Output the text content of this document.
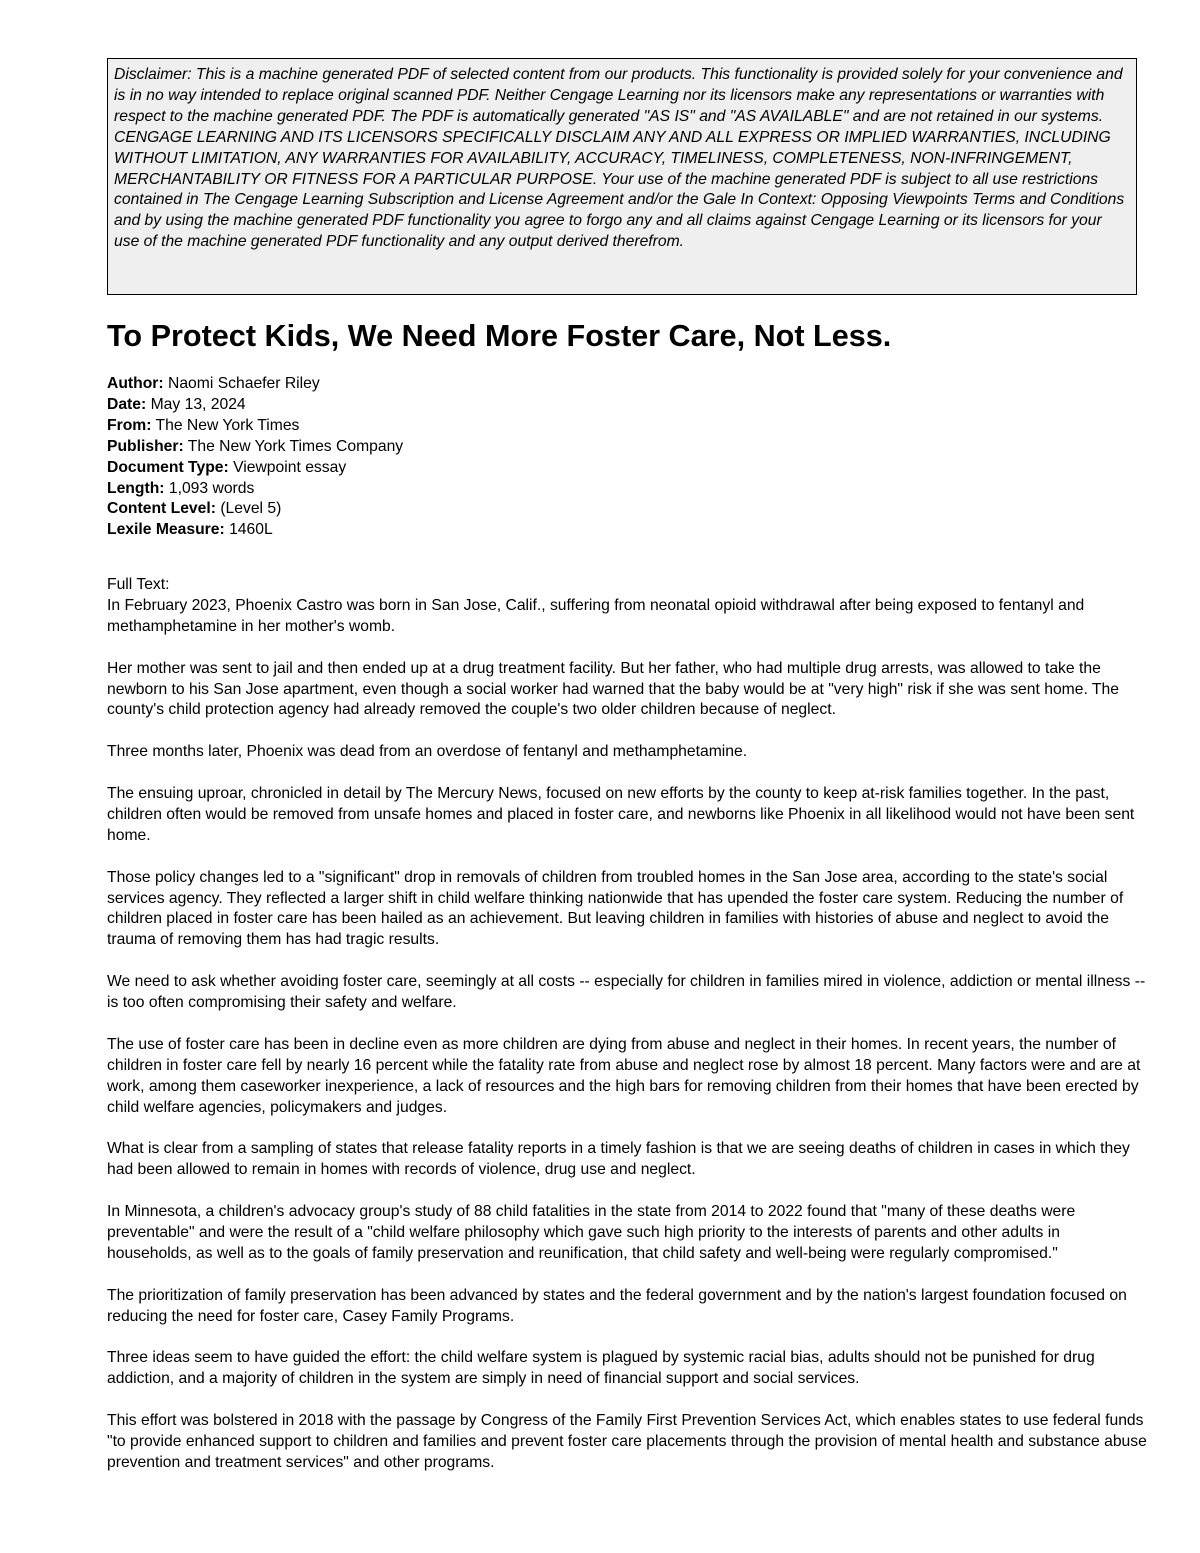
Disclaimer: This is a machine generated PDF of selected content from our products. This functionality is provided solely for your convenience and is in no way intended to replace original scanned PDF. Neither Cengage Learning nor its licensors make any representations or warranties with respect to the machine generated PDF. The PDF is automatically generated "AS IS" and "AS AVAILABLE" and are not retained in our systems. CENGAGE LEARNING AND ITS LICENSORS SPECIFICALLY DISCLAIM ANY AND ALL EXPRESS OR IMPLIED WARRANTIES, INCLUDING WITHOUT LIMITATION, ANY WARRANTIES FOR AVAILABILITY, ACCURACY, TIMELINESS, COMPLETENESS, NON-INFRINGEMENT, MERCHANTABILITY OR FITNESS FOR A PARTICULAR PURPOSE. Your use of the machine generated PDF is subject to all use restrictions contained in The Cengage Learning Subscription and License Agreement and/or the Gale In Context: Opposing Viewpoints Terms and Conditions and by using the machine generated PDF functionality you agree to forgo any and all claims against Cengage Learning or its licensors for your use of the machine generated PDF functionality and any output derived therefrom.
To Protect Kids, We Need More Foster Care, Not Less.
Author: Naomi Schaefer Riley
Date: May 13, 2024
From: The New York Times
Publisher: The New York Times Company
Document Type: Viewpoint essay
Length: 1,093 words
Content Level: (Level 5)
Lexile Measure: 1460L
Full Text:

In February 2023, Phoenix Castro was born in San Jose, Calif., suffering from neonatal opioid withdrawal after being exposed to fentanyl and methamphetamine in her mother's womb.

Her mother was sent to jail and then ended up at a drug treatment facility. But her father, who had multiple drug arrests, was allowed to take the newborn to his San Jose apartment, even though a social worker had warned that the baby would be at "very high" risk if she was sent home. The county's child protection agency had already removed the couple's two older children because of neglect.

Three months later, Phoenix was dead from an overdose of fentanyl and methamphetamine.

The ensuing uproar, chronicled in detail by The Mercury News, focused on new efforts by the county to keep at-risk families together. In the past, children often would be removed from unsafe homes and placed in foster care, and newborns like Phoenix in all likelihood would not have been sent home.

Those policy changes led to a "significant" drop in removals of children from troubled homes in the San Jose area, according to the state's social services agency. They reflected a larger shift in child welfare thinking nationwide that has upended the foster care system. Reducing the number of children placed in foster care has been hailed as an achievement. But leaving children in families with histories of abuse and neglect to avoid the trauma of removing them has had tragic results.

We need to ask whether avoiding foster care, seemingly at all costs -- especially for children in families mired in violence, addiction or mental illness -- is too often compromising their safety and welfare.

The use of foster care has been in decline even as more children are dying from abuse and neglect in their homes. In recent years, the number of children in foster care fell by nearly 16 percent while the fatality rate from abuse and neglect rose by almost 18 percent. Many factors were and are at work, among them caseworker inexperience, a lack of resources and the high bars for removing children from their homes that have been erected by child welfare agencies, policymakers and judges.

What is clear from a sampling of states that release fatality reports in a timely fashion is that we are seeing deaths of children in cases in which they had been allowed to remain in homes with records of violence, drug use and neglect.

In Minnesota, a children's advocacy group's study of 88 child fatalities in the state from 2014 to 2022 found that "many of these deaths were preventable" and were the result of a "child welfare philosophy which gave such high priority to the interests of parents and other adults in households, as well as to the goals of family preservation and reunification, that child safety and well-being were regularly compromised."

The prioritization of family preservation has been advanced by states and the federal government and by the nation's largest foundation focused on reducing the need for foster care, Casey Family Programs.

Three ideas seem to have guided the effort: the child welfare system is plagued by systemic racial bias, adults should not be punished for drug addiction, and a majority of children in the system are simply in need of financial support and social services.

This effort was bolstered in 2018 with the passage by Congress of the Family First Prevention Services Act, which enables states to use federal funds "to provide enhanced support to children and families and prevent foster care placements through the provision of mental health and substance abuse prevention and treatment services" and other programs.
